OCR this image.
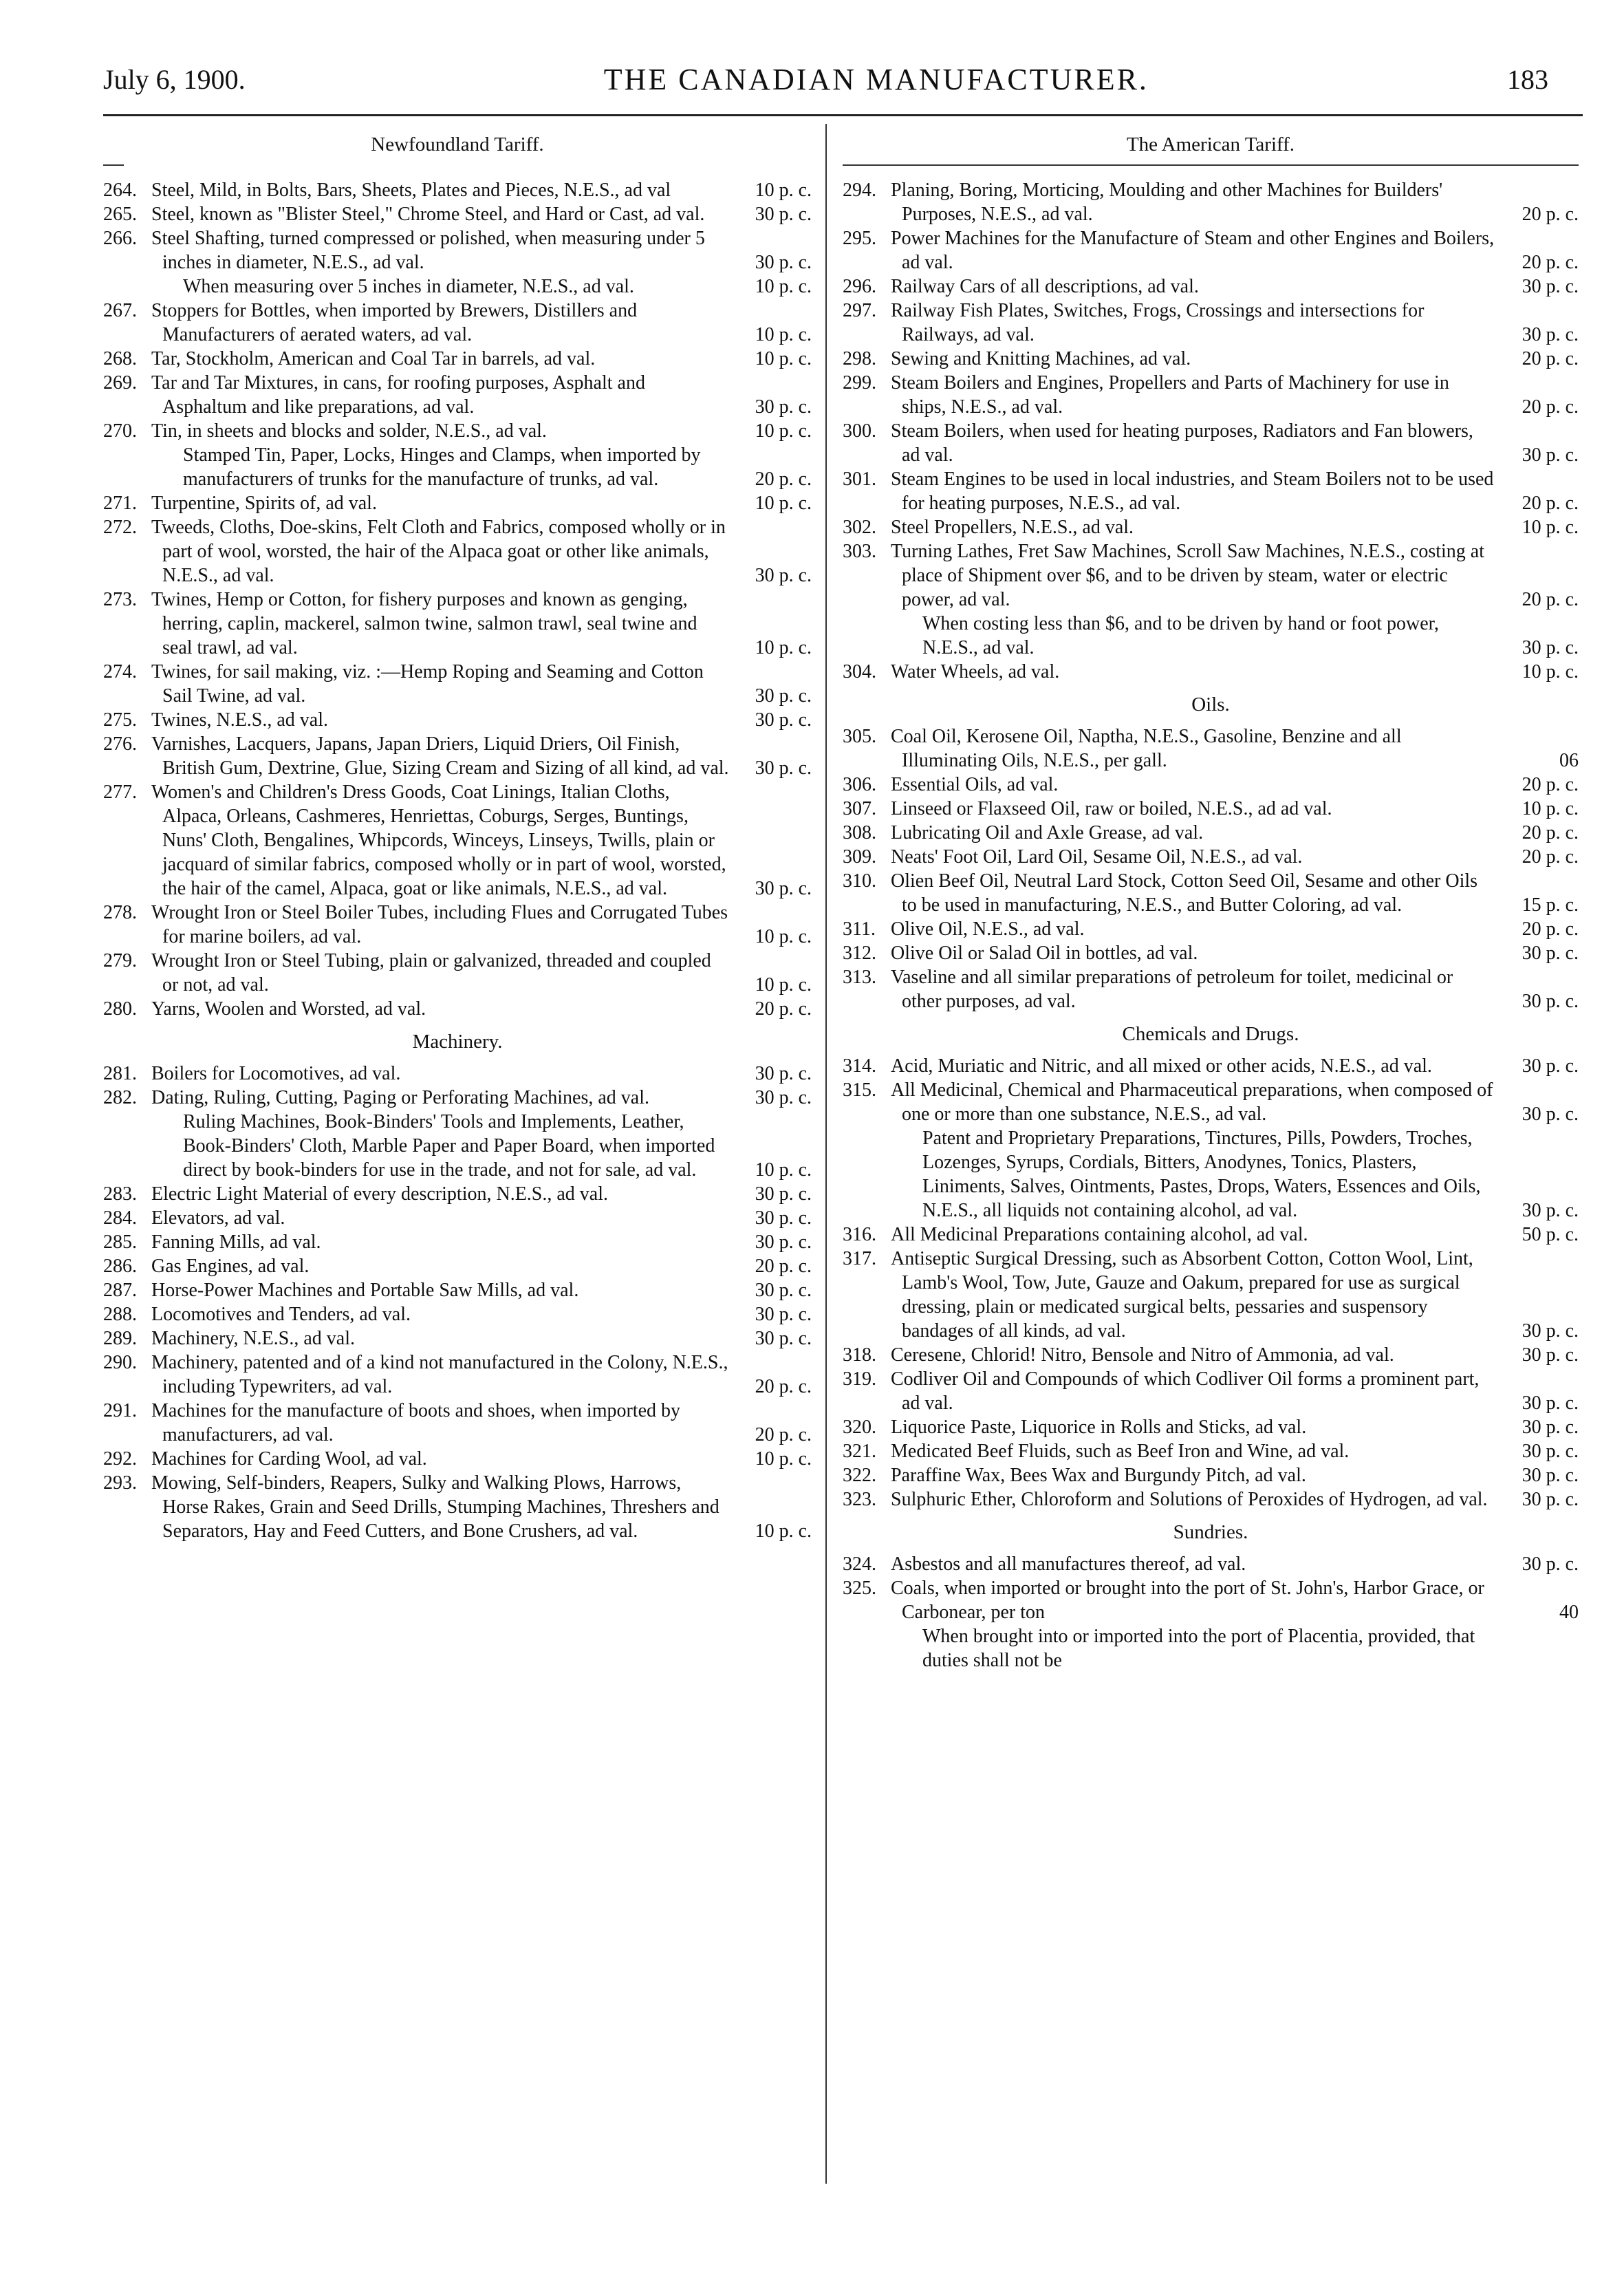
July 6, 1900.	THE CANADIAN MANUFACTURER.	183
Newfoundland Tariff.
264. Steel, Mild, in Bolts, Bars, Sheets, Plates and Pieces, N.E.S., ad val	10 p. c.
265. Steel, known as "Blister Steel," Chrome Steel, and Hard or Cast, ad val.	30 p. c.
266. Steel Shafting, turned compressed or polished, when measuring under 5 inches in diameter, N.E.S., ad val.	30 p. c.
When measuring over 5 inches in diameter, N.E.S., ad val.	10 p. c.
267. Stoppers for Bottles, when imported by Brewers, Distillers and Manufacturers of aerated waters, ad val.	10 p. c.
268. Tar, Stockholm, American and Coal Tar in barrels, ad val.	10 p. c.
269. Tar and Tar Mixtures, in cans, for roofing purposes, Asphalt and Asphaltum and like preparations, ad val.	30 p. c.
270. Tin, in sheets and blocks and solder, N.E.S., ad val.	10 p. c.
Stamped Tin, Paper, Locks, Hinges and Clamps, when imported by manufacturers of trunks for the manufacture of trunks, ad val.	20 p. c.
271. Turpentine, Spirits of, ad val.	10 p. c.
272. Tweeds, Cloths, Doe-skins, Felt Cloth and Fabrics, composed wholly or in part of wool, worsted, the hair of the Alpaca goat or other like animals, N.E.S., ad val.	30 p. c.
273. Twines, Hemp or Cotton, for fishery purposes and known as genging, herring, caplin, mackerel, salmon twine, salmon trawl, seal twine and seal trawl, ad val.	10 p. c.
274. Twines, for sail making, viz. :—Hemp Roping and Seaming and Cotton Sail Twine, ad val.	30 p. c.
275. Twines, N.E.S., ad val.	30 p. c.
276. Varnishes, Lacquers, Japans, Japan Driers, Liquid Driers, Oil Finish, British Gum, Dextrine, Glue, Sizing Cream and Sizing of all kind, ad val.	30 p. c.
277. Women's and Children's Dress Goods, Coat Linings, Italian Cloths, Alpaca, Orleans, Cashmeres, Henriettas, Coburgs, Serges, Buntings, Nuns' Cloth, Bengalines, Whipcords, Winceys, Linseys, Twills, plain or jacquard of similar fabrics, composed wholly or in part of wool, worsted, the hair of the camel, Alpaca, goat or like animals, N.E.S., ad val.	30 p. c.
278. Wrought Iron or Steel Boiler Tubes, including Flues and Corrugated Tubes for marine boilers, ad val.	10 p. c.
279. Wrought Iron or Steel Tubing, plain or galvanized, threaded and coupled or not, ad val.	10 p. c.
280. Yarns, Woolen and Worsted, ad val.	20 p. c.
Machinery.
281. Boilers for Locomotives, ad val.	30 p. c.
282. Dating, Ruling, Cutting, Paging or Perforating Machines, ad val.	30 p. c.
Ruling Machines, Book-Binders' Tools and Implements, Leather, Book-Binders' Cloth, Marble Paper and Paper Board, when imported direct by book-binders for use in the trade, and not for sale, ad val.	10 p. c.
283. Electric Light Material of every description, N.E.S., ad val.	30 p. c.
284. Elevators, ad val.	30 p. c.
285. Fanning Mills, ad val.	30 p. c.
286. Gas Engines, ad val.	20 p. c.
287. Horse-Power Machines and Portable Saw Mills, ad val.	30 p. c.
288. Locomotives and Tenders, ad val.	30 p. c.
289. Machinery, N.E.S., ad val.	30 p. c.
290. Machinery, patented and of a kind not manufactured in the Colony, N.E.S., including Typewriters, ad val.	20 p. c.
291. Machines for the manufacture of boots and shoes, when imported by manufacturers, ad val.	20 p. c.
292. Machines for Carding Wool, ad val.	10 p. c.
293. Mowing, Self-binders, Reapers, Sulky and Walking Plows, Harrows, Horse Rakes, Grain and Seed Drills, Stumping Machines, Threshers and Separators, Hay and Feed Cutters, and Bone Crushers, ad val.	10 p. c.
The American Tariff.
294. Planing, Boring, Morticing, Moulding and other Machines for Builders' Purposes, N.E.S., ad val.	20 p. c.
295. Power Machines for the Manufacture of Steam and other Engines and Boilers, ad val.	20 p. c.
296. Railway Cars of all descriptions, ad val.	30 p. c.
297. Railway Fish Plates, Switches, Frogs, Crossings and intersections for Railways, ad val.	30 p. c.
298. Sewing and Knitting Machines, ad val.	20 p. c.
299. Steam Boilers and Engines, Propellers and Parts of Machinery for use in ships, N.E.S., ad val.	20 p. c.
300. Steam Boilers, when used for heating purposes, Radiators and Fan blowers, ad val.	30 p. c.
301. Steam Engines to be used in local industries, and Steam Boilers not to be used for heating purposes, N.E.S., ad val.	20 p. c.
302. Steel Propellers, N.E.S., ad val.	10 p. c.
303. Turning Lathes, Fret Saw Machines, Scroll Saw Machines, N.E.S., costing at place of Shipment over $6, and to be driven by steam, water or electric power, ad val.	20 p. c.
When costing less than $6, and to be driven by hand or foot power, N.E.S., ad val.	30 p. c.
304. Water Wheels, ad val.	10 p. c.
Oils.
305. Coal Oil, Kerosene Oil, Naptha, N.E.S., Gasoline, Benzine and all Illuminating Oils, N.E.S., per gall.	06
306. Essential Oils, ad val.	20 p. c.
307. Linseed or Flaxseed Oil, raw or boiled, N.E.S., ad ad val.	10 p. c.
308. Lubricating Oil and Axle Grease, ad val.	20 p. c.
309. Neats' Foot Oil, Lard Oil, Sesame Oil, N.E.S., ad val.	20 p. c.
310. Olien Beef Oil, Neutral Lard Stock, Cotton Seed Oil, Sesame and other Oils to be used in manufacturing, N.E.S., and Butter Coloring, ad val.	15 p. c.
311. Olive Oil, N.E.S., ad val.	20 p. c.
312. Olive Oil or Salad Oil in bottles, ad val.	30 p. c.
313. Vaseline and all similar preparations of petroleum for toilet, medicinal or other purposes, ad val.	30 p. c.
Chemicals and Drugs.
314. Acid, Muriatic and Nitric, and all mixed or other acids, N.E.S., ad val.	30 p. c.
315. All Medicinal, Chemical and Pharmaceutical preparations, when composed of one or more than one substance, N.E.S., ad val.	30 p. c.
Patent and Proprietary Preparations, Tinctures, Pills, Powders, Troches, Lozenges, Syrups, Cordials, Bitters, Anodynes, Tonics, Plasters, Liniments, Salves, Ointments, Pastes, Drops, Waters, Essences and Oils, N.E.S., all liquids not containing alcohol, ad val.	30 p. c.
316. All Medicinal Preparations containing alcohol, ad val.	50 p. c.
317. Antiseptic Surgical Dressing, such as Absorbent Cotton, Cotton Wool, Lint, Lamb's Wool, Tow, Jute, Gauze and Oakum, prepared for use as surgical dressing, plain or medicated surgical belts, pessaries and suspensory bandages of all kinds, ad val.	30 p. c.
318. Ceresene, Chlorid! Nitro, Bensole and Nitro of Ammonia, ad val.	30 p. c.
319. Codliver Oil and Compounds of which Codliver Oil forms a prominent part, ad val.	30 p. c.
320. Liquorice Paste, Liquorice in Rolls and Sticks, ad val.	30 p. c.
321. Medicated Beef Fluids, such as Beef Iron and Wine, ad val.	30 p. c.
322. Paraffine Wax, Bees Wax and Burgundy Pitch, ad val.	30 p. c.
323. Sulphuric Ether, Chloroform and Solutions of Peroxides of Hydrogen, ad val.	30 p. c.
Sundries.
324. Asbestos and all manufactures thereof, ad val.	30 p. c.
325. Coals, when imported or brought into the port of St. John's, Harbor Grace, or Carbonear, per ton	40
When brought into or imported into the port of Placentia, provided, that duties shall not be
